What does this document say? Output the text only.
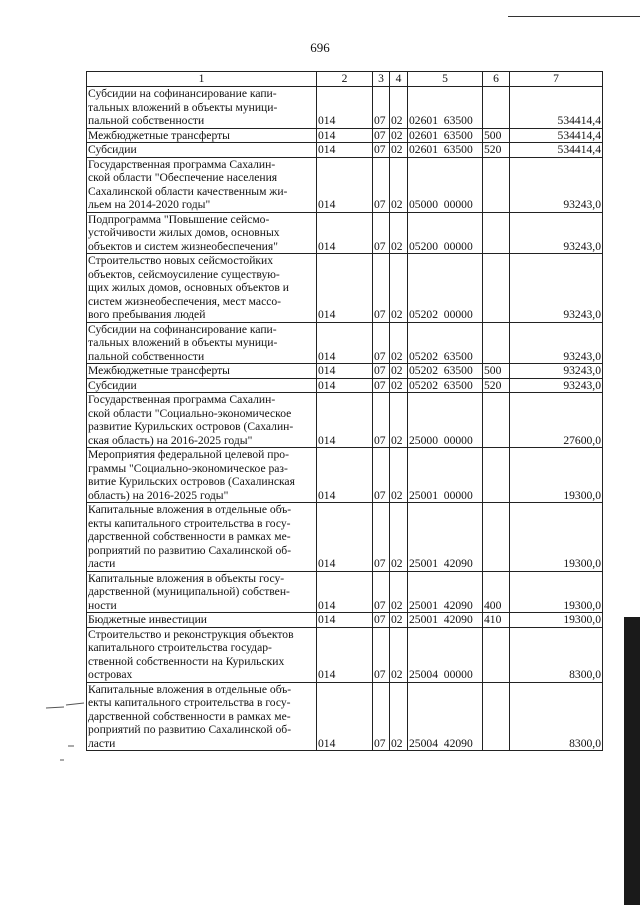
696
1	2	3	4	5	6	7

Субсидии на софинансирование капи-
тальных вложений в объекты муници-
пальной собственности	014	07	02	02601  63500		534414,4

Межбюджетные трансферты	014	07	02	02601  63500	500	534414,4

Субсидии	014	07	02	02601  63500	520	534414,4

Государственная программа Сахалин-
ской области "Обеспечение населения
Сахалинской области качественным жи-
льем на 2014-2020 годы"	014	07	02	05000  00000		93243,0

Подпрограмма "Повышение сейсмо-
устойчивости жилых домов, основных
объектов и систем жизнеобеспечения"	014	07	02	05200  00000		93243,0

Строительство новых сейсмостойких
объектов, сейсмоусиление существую-
щих жилых домов, основных объектов и
систем жизнеобеспечения, мест массо-
вого пребывания людей	014	07	02	05202  00000		93243,0

Субсидии на софинансирование капи-
тальных вложений в объекты муници-
пальной собственности	014	07	02	05202  63500		93243,0

Межбюджетные трансферты	014	07	02	05202  63500	500	93243,0

Субсидии	014	07	02	05202  63500	520	93243,0

Государственная программа Сахалин-
ской области "Социально-экономическое
развитие Курильских островов (Сахалин-
ская область) на 2016-2025 годы"	014	07	02	25000  00000		27600,0

Мероприятия федеральной целевой про-
граммы "Социально-экономическое раз-
витие Курильских островов (Сахалинская
область) на 2016-2025 годы"	014	07	02	25001  00000		19300,0

Капитальные вложения в отдельные объ-
екты капитального строительства в госу-
дарственной собственности в рамках ме-
роприятий по развитию Сахалинской об-
ласти	014	07	02	25001  42090		19300,0

Капитальные вложения в объекты госу-
дарственной (муниципальной) собствен-
ности	014	07	02	25001  42090	400	19300,0

Бюджетные инвестиции	014	07	02	25001  42090	410	19300,0

Строительство и реконструкция объектов
капитального строительства государ-
ственной собственности на Курильских
островах	014	07	02	25004  00000		8300,0

Капитальные вложения в отдельные объ-
екты капитального строительства в госу-
дарственной собственности в рамках ме-
роприятий по развитию Сахалинской об-
ласти	014	07	02	25004  42090		8300,0
